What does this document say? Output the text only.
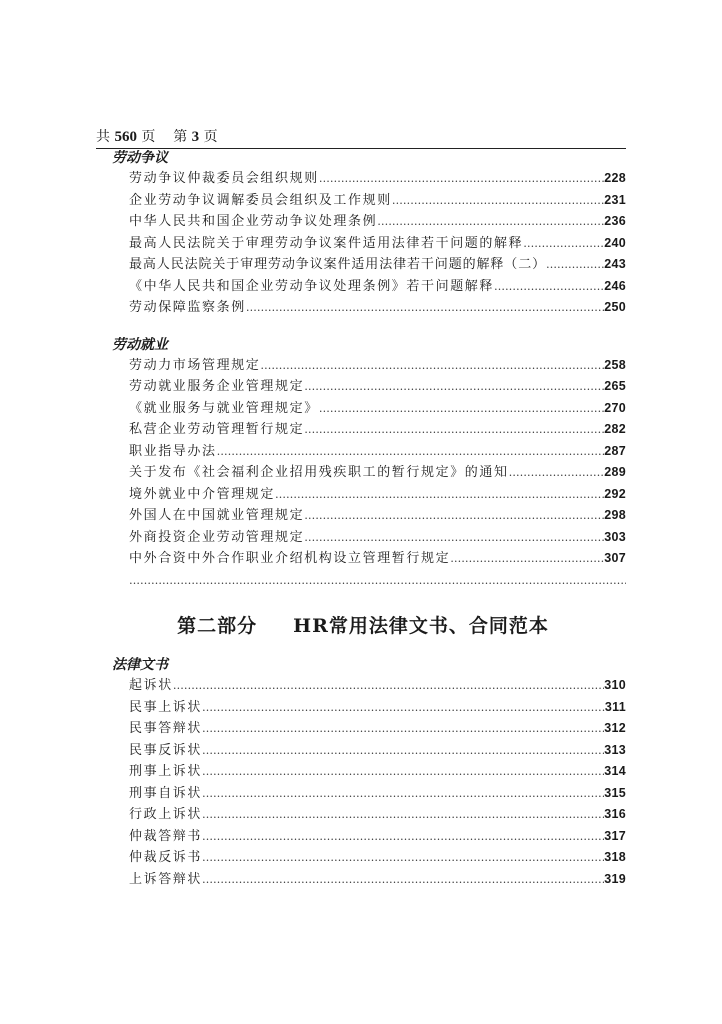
共 560 页 第 3 页
劳动争议
劳动争议仲裁委员会组织规则 ………………………………………………………………………………………………………………………………………………………………………………	228
企业劳动争议调解委员会组织及工作规则 ………………………………………………………………………………………………………………………………………………………………………………	231
中华人民共和国企业劳动争议处理条例 ………………………………………………………………………………………………………………………………………………………………………………	236
最高人民法院关于审理劳动争议案件适用法律若干问题的解释 ………………………………………………………………………………………………………………………………………………………………………………	240
最高人民法院关于审理劳动争议案件适用法律若干问题的解释（二） ………………………………………………………………………………………………………………………………………………………………………………	243
《中华人民共和国企业劳动争议处理条例》若干问题解释 ………………………………………………………………………………………………………………………………………………………………………………	246
劳动保障监察条例 ………………………………………………………………………………………………………………………………………………………………………………	250
劳动就业
劳动力市场管理规定 ………………………………………………………………………………………………………………………………………………………………………………	258
劳动就业服务企业管理规定 ………………………………………………………………………………………………………………………………………………………………………………	265
《就业服务与就业管理规定》 ………………………………………………………………………………………………………………………………………………………………………………	270
私营企业劳动管理暂行规定 ………………………………………………………………………………………………………………………………………………………………………………	282
职业指导办法 ………………………………………………………………………………………………………………………………………………………………………………	287
关于发布《社会福利企业招用残疾职工的暂行规定》的通知 ………………………………………………………………………………………………………………………………………………………………………………	289
境外就业中介管理规定 ………………………………………………………………………………………………………………………………………………………………………………	292
外国人在中国就业管理规定 ………………………………………………………………………………………………………………………………………………………………………………	298
外商投资企业劳动管理规定 ………………………………………………………………………………………………………………………………………………………………………………	303
中外合资中外合作职业介绍机构设立管理暂行规定 ………………………………………………………………………………………………………………………………………………………………………………	307
………………………………………………………………………………………………………………………………………………………………………………
第二部分 HR常用法律文书、合同范本
法律文书
起诉状 ………………………………………………………………………………………………………………………………………………………………………………	310
民事上诉状 ………………………………………………………………………………………………………………………………………………………………………………	311
民事答辩状 ………………………………………………………………………………………………………………………………………………………………………………	312
民事反诉状 ………………………………………………………………………………………………………………………………………………………………………………	313
刑事上诉状 ………………………………………………………………………………………………………………………………………………………………………………	314
刑事自诉状 ………………………………………………………………………………………………………………………………………………………………………………	315
行政上诉状 ………………………………………………………………………………………………………………………………………………………………………………	316
仲裁答辩书 ………………………………………………………………………………………………………………………………………………………………………………	317
仲裁反诉书 ………………………………………………………………………………………………………………………………………………………………………………	318
上诉答辩状 ………………………………………………………………………………………………………………………………………………………………………………	319
